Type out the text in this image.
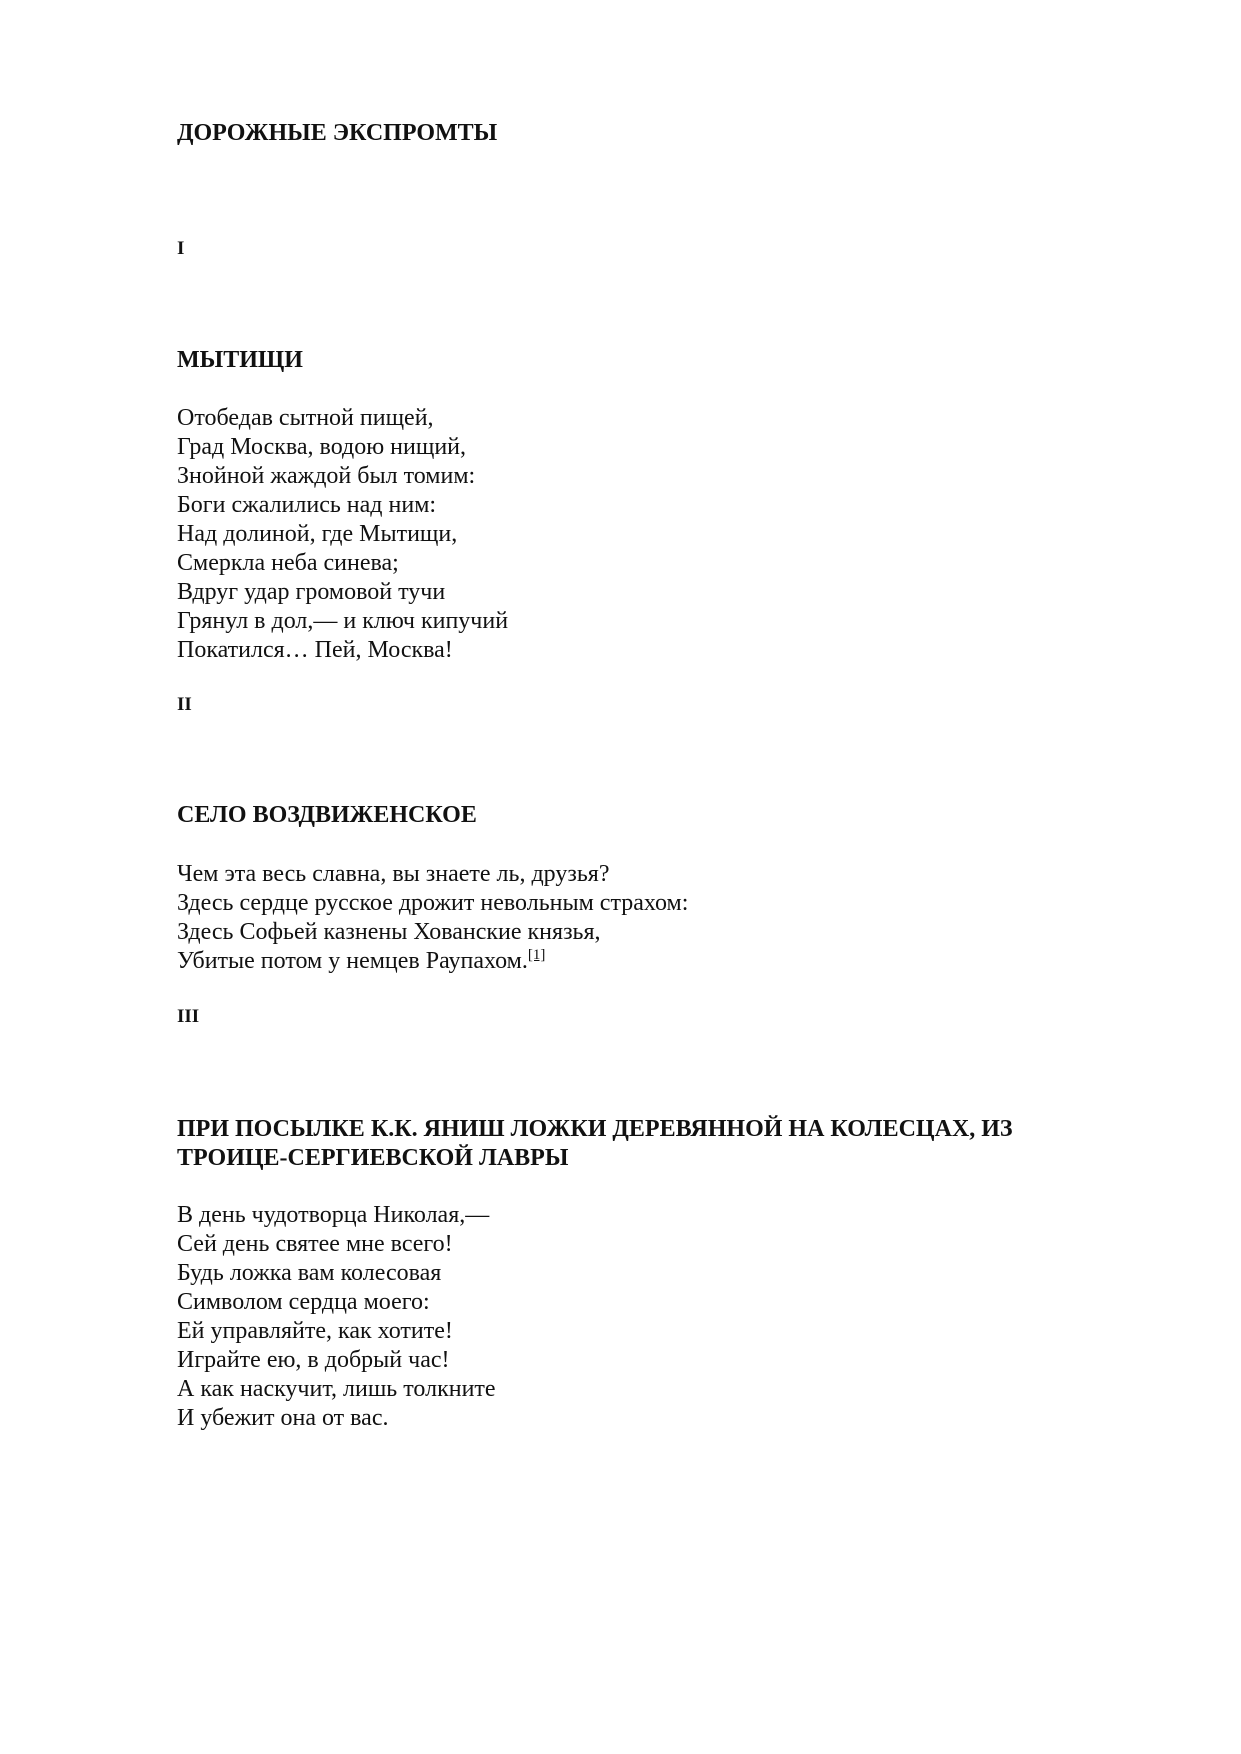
ДОРОЖНЫЕ ЭКСПРОМТЫ
I
МЫТИЩИ
Отобедав сытной пищей,
Град Москва, водою нищий,
Знойной жаждой был томим:
Боги сжалились над ним:
Над долиной, где Мытищи,
Смеркла неба синева;
Вдруг удар громовой тучи
Грянул в дол,— и ключ кипучий
Покатился… Пей, Москва!
II
СЕЛО ВОЗДВИЖЕНСКОЕ
Чем эта весь славна, вы знаете ль, друзья?
Здесь сердце русское дрожит невольным страхом:
Здесь Софьей казнены Хованские князья,
Убитые потом у немцев Раупахом.[1]
III
ПРИ ПОСЫЛКЕ К.К. ЯНИШ ЛОЖКИ ДЕРЕВЯННОЙ НА КОЛЕСЦАХ, ИЗ
ТРОИЦЕ-СЕРГИЕВСКОЙ ЛАВРЫ
В день чудотворца Николая,—
Сей день святее мне всего!
Будь ложка вам колесовая
Символом сердца моего:
Ей управляйте, как хотите!
Играйте ею, в добрый час!
А как наскучит, лишь толкните
И убежит она от вас.
